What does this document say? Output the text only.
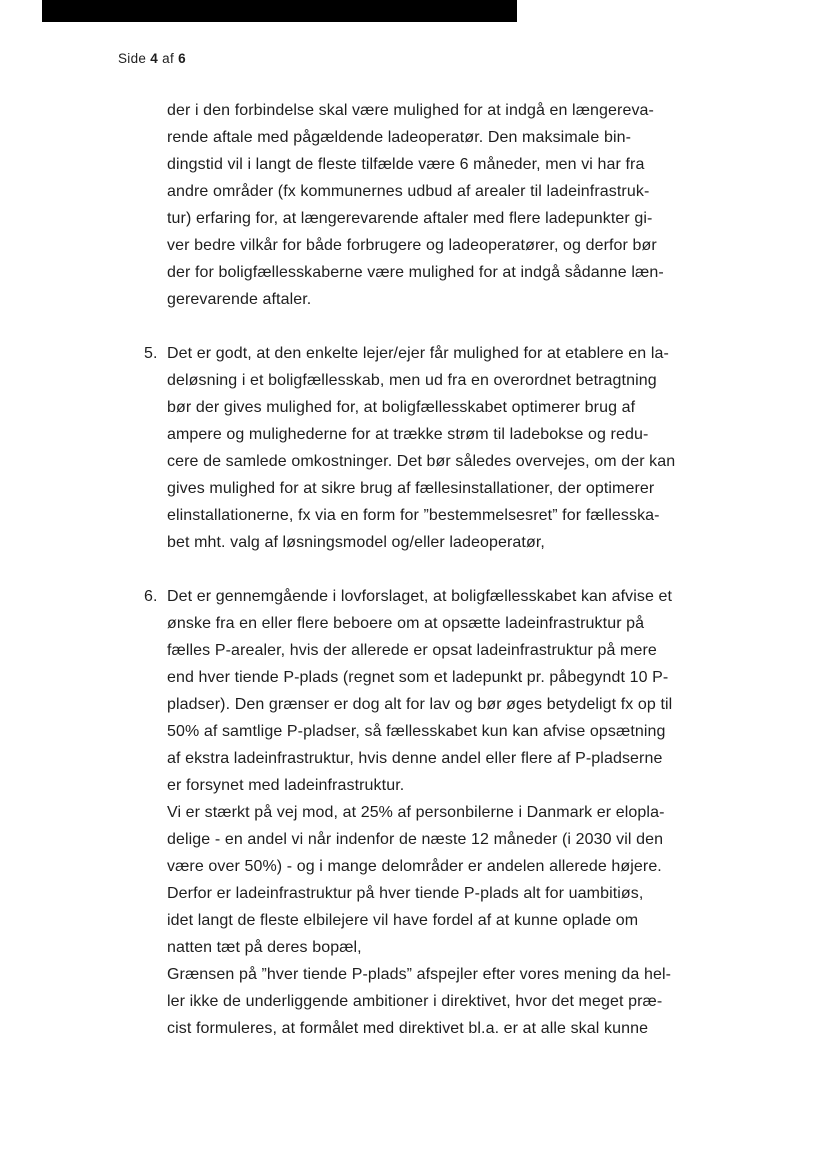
Side 4 af 6
der i den forbindelse skal være mulighed for at indgå en længereva-
rende aftale med pågældende ladeoperatør. Den maksimale bin-
dingstid vil i langt de fleste tilfælde være 6 måneder, men vi har fra
andre områder (fx kommunernes udbud af arealer til ladeinfrastruk-
tur) erfaring for, at længerevarende aftaler med flere ladepunkter gi-
ver bedre vilkår for både forbrugere og ladeoperatører, og derfor bør
der for boligfællesskaberne være mulighed for at indgå sådanne læn-
gerevarende aftaler.
5. Det er godt, at den enkelte lejer/ejer får mulighed for at etablere en la-
deløsning i et boligfællesskab, men ud fra en overordnet betragtning
bør der gives mulighed for, at boligfællesskabet optimerer brug af
ampere og mulighederne for at trække strøm til ladebokse og redu-
cere de samlede omkostninger. Det bør således overvejes, om der kan
gives mulighed for at sikre brug af fællesinstallationer, der optimerer
elinstallationerne, fx via en form for ”bestemmelsesret” for fællesska-
bet mht. valg af løsningsmodel og/eller ladeoperatør,
6. Det er gennemgående i lovforslaget, at boligfællesskabet kan afvise et
ønske fra en eller flere beboere om at opsætte ladeinfrastruktur på
fælles P-arealer, hvis der allerede er opsat ladeinfrastruktur på mere
end hver tiende P-plads (regnet som et ladepunkt pr. påbegyndt 10 P-
pladser). Den grænser er dog alt for lav og bør øges betydeligt fx op til
50% af samtlige P-pladser, så fællesskabet kun kan afvise opsætning
af ekstra ladeinfrastruktur, hvis denne andel eller flere af P-pladserne
er forsynet med ladeinfrastruktur.
Vi er stærkt på vej mod, at 25% af personbilerne i Danmark er elopla-
delige - en andel vi når indenfor de næste 12 måneder (i 2030 vil den
være over 50%) - og i mange delområder er andelen allerede højere.
Derfor er ladeinfrastruktur på hver tiende P-plads alt for uambitiøs,
idet langt de fleste elbilejere vil have fordel af at kunne oplade om
natten tæt på deres bopæl,
Grænsen på ”hver tiende P-plads” afspejler efter vores mening da hel-
ler ikke de underliggende ambitioner i direktivet, hvor det meget præ-
cist formuleres, at formålet med direktivet bl.a. er at alle skal kunne
